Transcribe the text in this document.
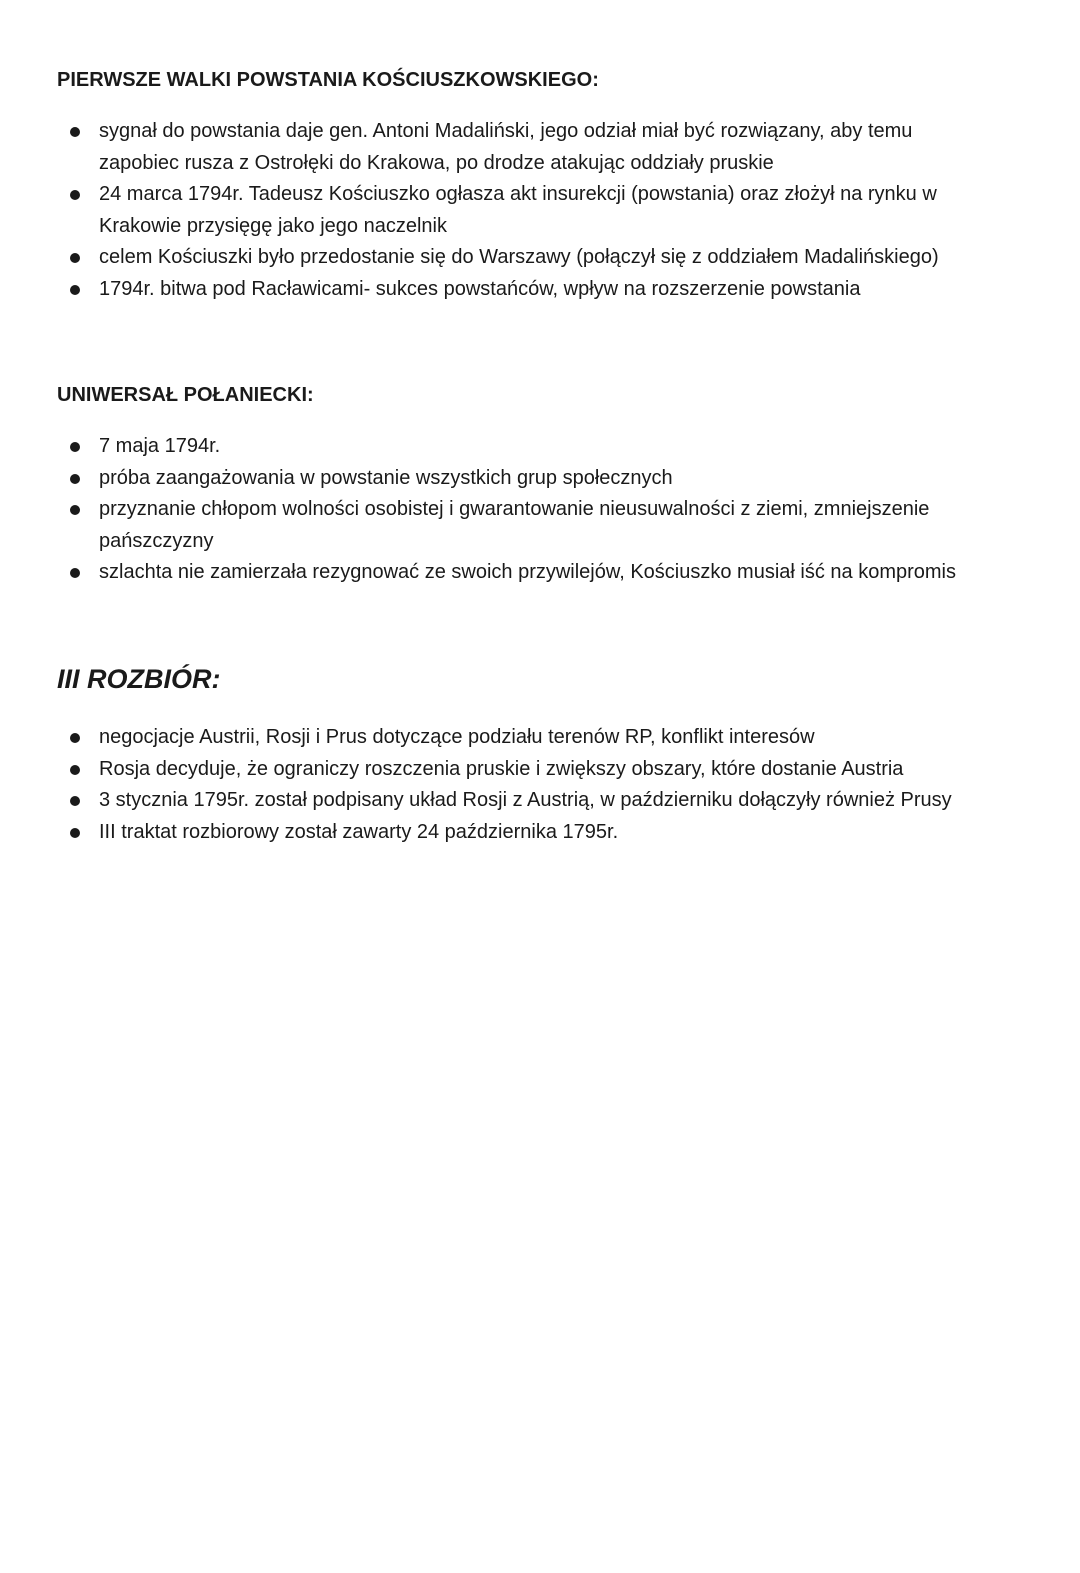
PIERWSZE WALKI POWSTANIA KOŚCIUSZKOWSKIEGO:
sygnał do powstania daje gen. Antoni Madaliński, jego odział miał być rozwiązany, aby temu
zapobiec rusza z Ostrołęki do Krakowa, po drodze atakując oddziały pruskie
24 marca 1794r. Tadeusz Kościuszko ogłasza akt insurekcji (powstania) oraz złożył na rynku w
Krakowie przysięgę jako jego naczelnik
celem Kościuszki było przedostanie się do Warszawy (połączył się z oddziałem Madalińskiego)
1794r. bitwa pod Racławicami- sukces powstańców, wpływ na rozszerzenie powstania
UNIWERSAŁ POŁANIECKI:
7 maja 1794r.
próba zaangażowania w powstanie wszystkich grup społecznych
przyznanie chłopom wolności osobistej i gwarantowanie nieusuwalności z ziemi, zmniejszenie
pańszczyzny
szlachta nie zamierzała rezygnować ze swoich przywilejów, Kościuszko musiał iść na kompromis
III ROZBIÓR:
negocjacje Austrii, Rosji i Prus dotyczące podziału terenów RP, konflikt interesów
Rosja decyduje, że ograniczy roszczenia pruskie i zwiększy obszary, które dostanie Austria
3 stycznia 1795r. został podpisany układ Rosji z Austrią, w październiku dołączyły również Prusy
III traktat rozbiorowy został zawarty 24 października 1795r.
